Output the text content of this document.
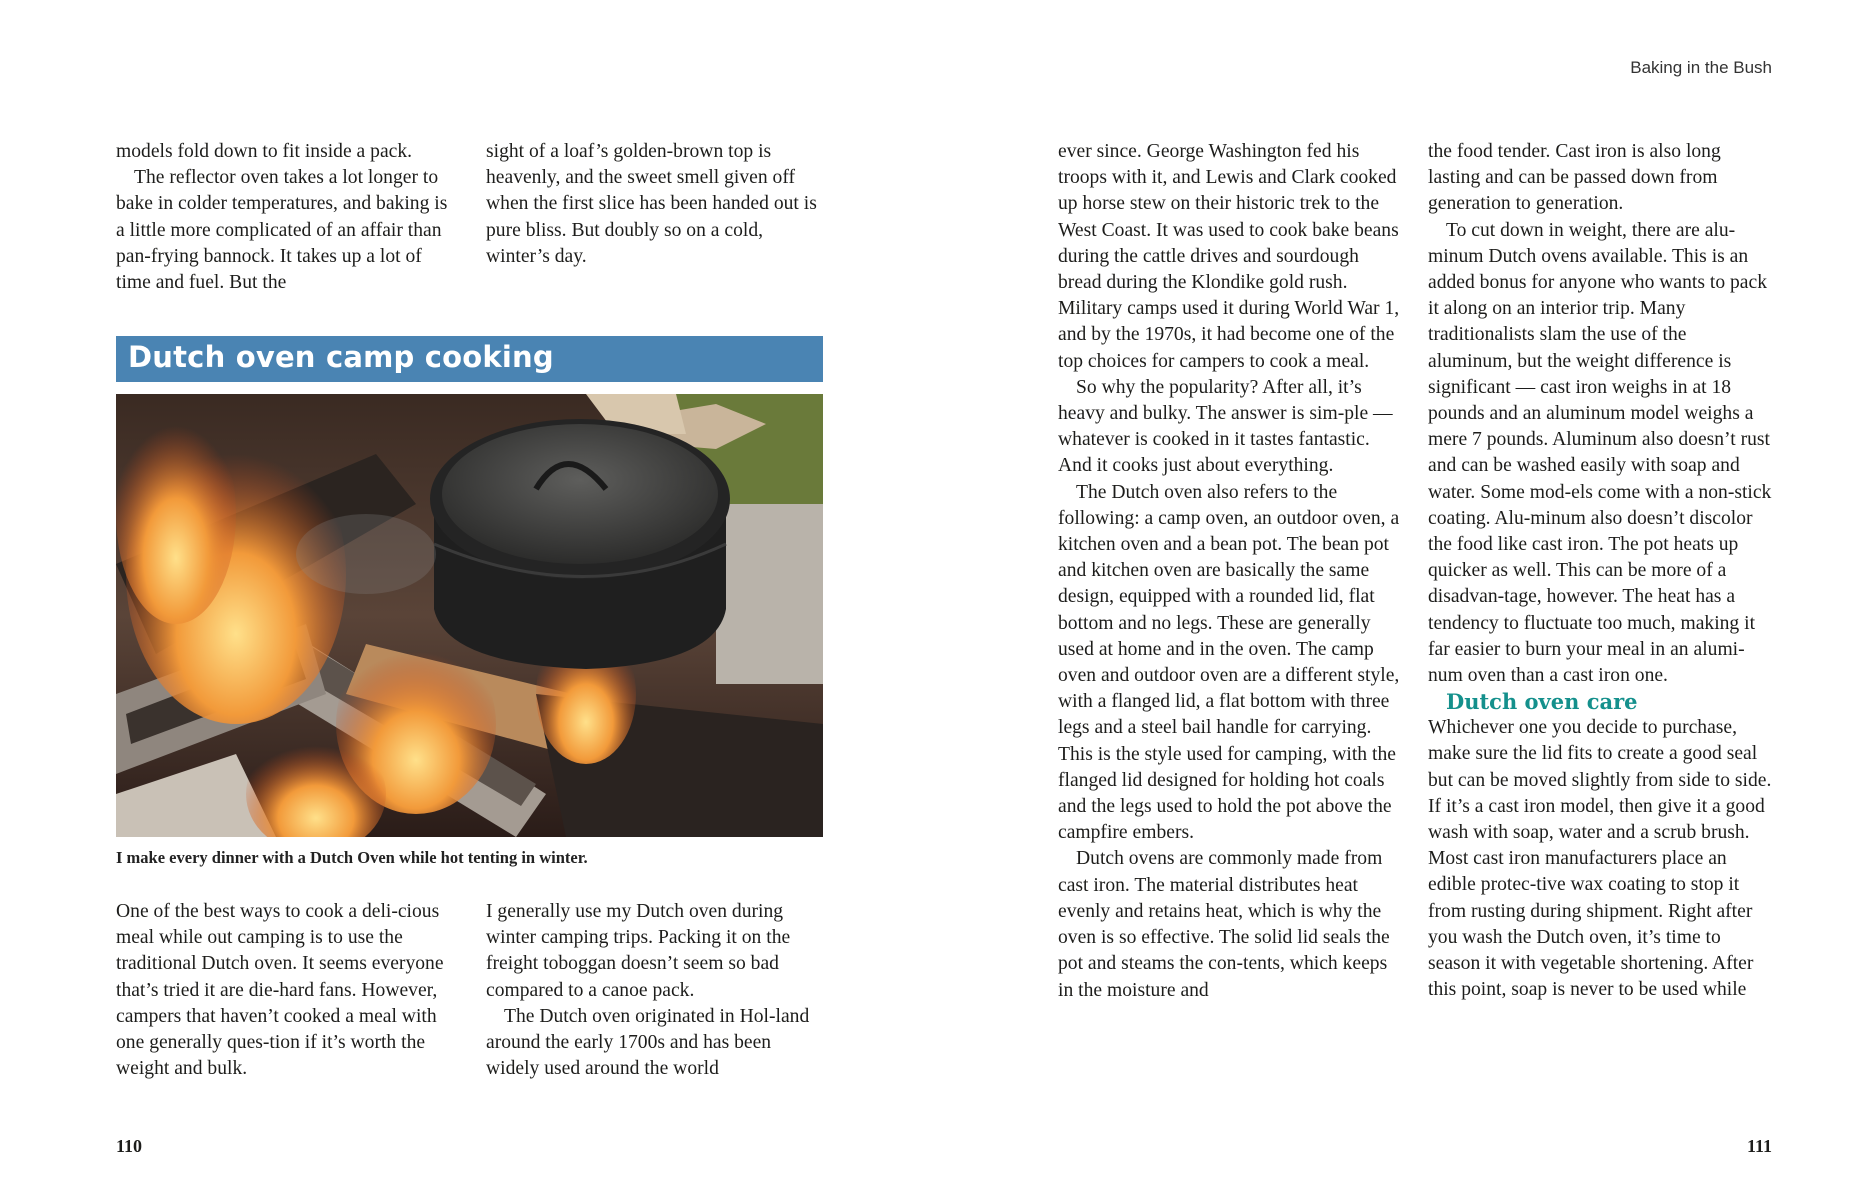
models fold down to fit inside a pack.

The reflector oven takes a lot longer to bake in colder temperatures, and baking is a little more complicated of an affair than pan-frying bannock. It takes up a lot of time and fuel. But the

sight of a loaf’s golden-brown top is heavenly, and the sweet smell given off when the first slice has been handed out is pure bliss. But doubly so on a cold, winter’s day.

Dutch oven camp cooking
I make every dinner with a Dutch Oven while hot tenting in winter.

One of the best ways to cook a deli-cious meal while out camping is to use the traditional Dutch oven. It seems everyone that’s tried it are die-hard fans. However, campers that haven’t cooked a meal with one generally ques-tion if it’s worth the weight and bulk.

I generally use my Dutch oven during winter camping trips. Packing it on the freight toboggan doesn’t seem so bad compared to a canoe pack.

The Dutch oven originated in Hol-land around the early 1700s and has been widely used around the world

110
Baking in the Bush

ever since. George Washington fed his troops with it, and Lewis and Clark cooked up horse stew on their historic trek to the West Coast. It was used to cook bake beans during the cattle drives and sourdough bread during the Klondike gold rush. Military camps used it during World War 1, and by the 1970s, it had become one of the top choices for campers to cook a meal.

So why the popularity? After all, it’s heavy and bulky. The answer is sim-ple — whatever is cooked in it tastes fantastic. And it cooks just about everything.

The Dutch oven also refers to the following: a camp oven, an outdoor oven, a kitchen oven and a bean pot. The bean pot and kitchen oven are basically the same design, equipped with a rounded lid, flat bottom and no legs. These are generally used at home and in the oven. The camp oven and outdoor oven are a different style, with a flanged lid, a flat bottom with three legs and a steel bail handle for carrying. This is the style used for camping, with the flanged lid designed for holding hot coals and the legs used to hold the pot above the campfire embers.

Dutch ovens are commonly made from cast iron. The material distributes heat evenly and retains heat, which is why the oven is so effective. The solid lid seals the pot and steams the con-tents, which keeps in the moisture and

the food tender. Cast iron is also long lasting and can be passed down from generation to generation.

To cut down in weight, there are alu-minum Dutch ovens available. This is an added bonus for anyone who wants to pack it along on an interior trip. Many traditionalists slam the use of the aluminum, but the weight difference is significant — cast iron weighs in at 18 pounds and an aluminum model weighs a mere 7 pounds. Aluminum also doesn’t rust and can be washed easily with soap and water. Some mod-els come with a non-stick coating. Alu-minum also doesn’t discolor the food like cast iron. The pot heats up quicker as well. This can be more of a disadvan-tage, however. The heat has a tendency to fluctuate too much, making it far easier to burn your meal in an alumi-num oven than a cast iron one.

Dutch oven care

Whichever one you decide to purchase, make sure the lid fits to create a good seal but can be moved slightly from side to side. If it’s a cast iron model, then give it a good wash with soap, water and a scrub brush. Most cast iron manufacturers place an edible protec-tive wax coating to stop it from rusting during shipment. Right after you wash the Dutch oven, it’s time to season it with vegetable shortening. After this point, soap is never to be used while

111
